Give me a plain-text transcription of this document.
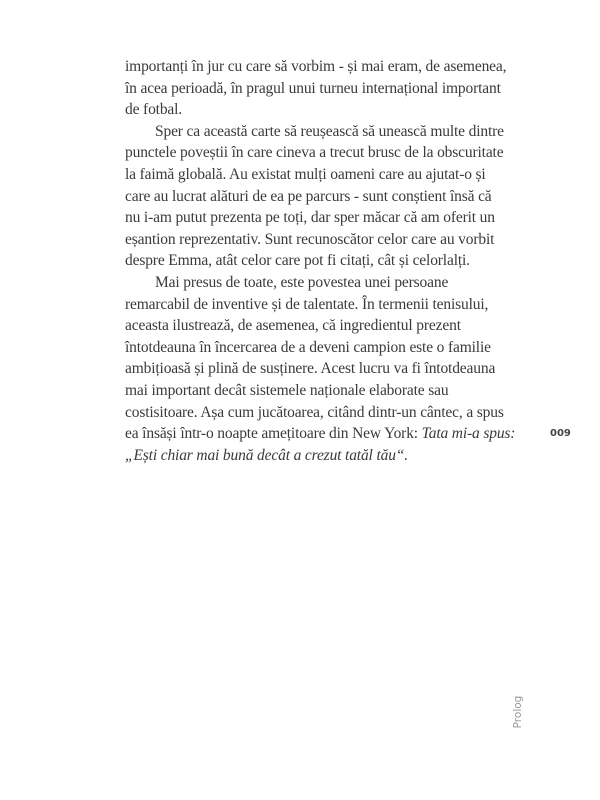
importanți în jur cu care să vorbim - și mai eram, de asemenea,
în acea perioadă, în pragul unui turneu internațional important
de fotbal.
Sper ca această carte să reușească să unească multe dintre
punctele poveștii în care cineva a trecut brusc de la obscuritate
la faimă globală. Au existat mulți oameni care au ajutat-o și
care au lucrat alături de ea pe parcurs - sunt conștient însă că
nu i-am putut prezenta pe toți, dar sper măcar că am oferit un
eșantion reprezentativ. Sunt recunoscător celor care au vorbit
despre Emma, atât celor care pot fi citați, cât și celorlalți.
Mai presus de toate, este povestea unei persoane
remarcabil de inventive și de talentate. În termenii tenisului,
aceasta ilustrează, de asemenea, că ingredientul prezent
întotdeauna în încercarea de a deveni campion este o familie
ambițioasă și plină de susținere. Acest lucru va fi întotdeauna
mai important decât sistemele naționale elaborate sau
costisitoare. Așa cum jucătoarea, citând dintr-un cântec, a spus
ea însăși într-o noapte amețitoare din New York: Tata mi-a spus:
„Ești chiar mai bună decât a crezut tatăl tău“.
009
Prolog
